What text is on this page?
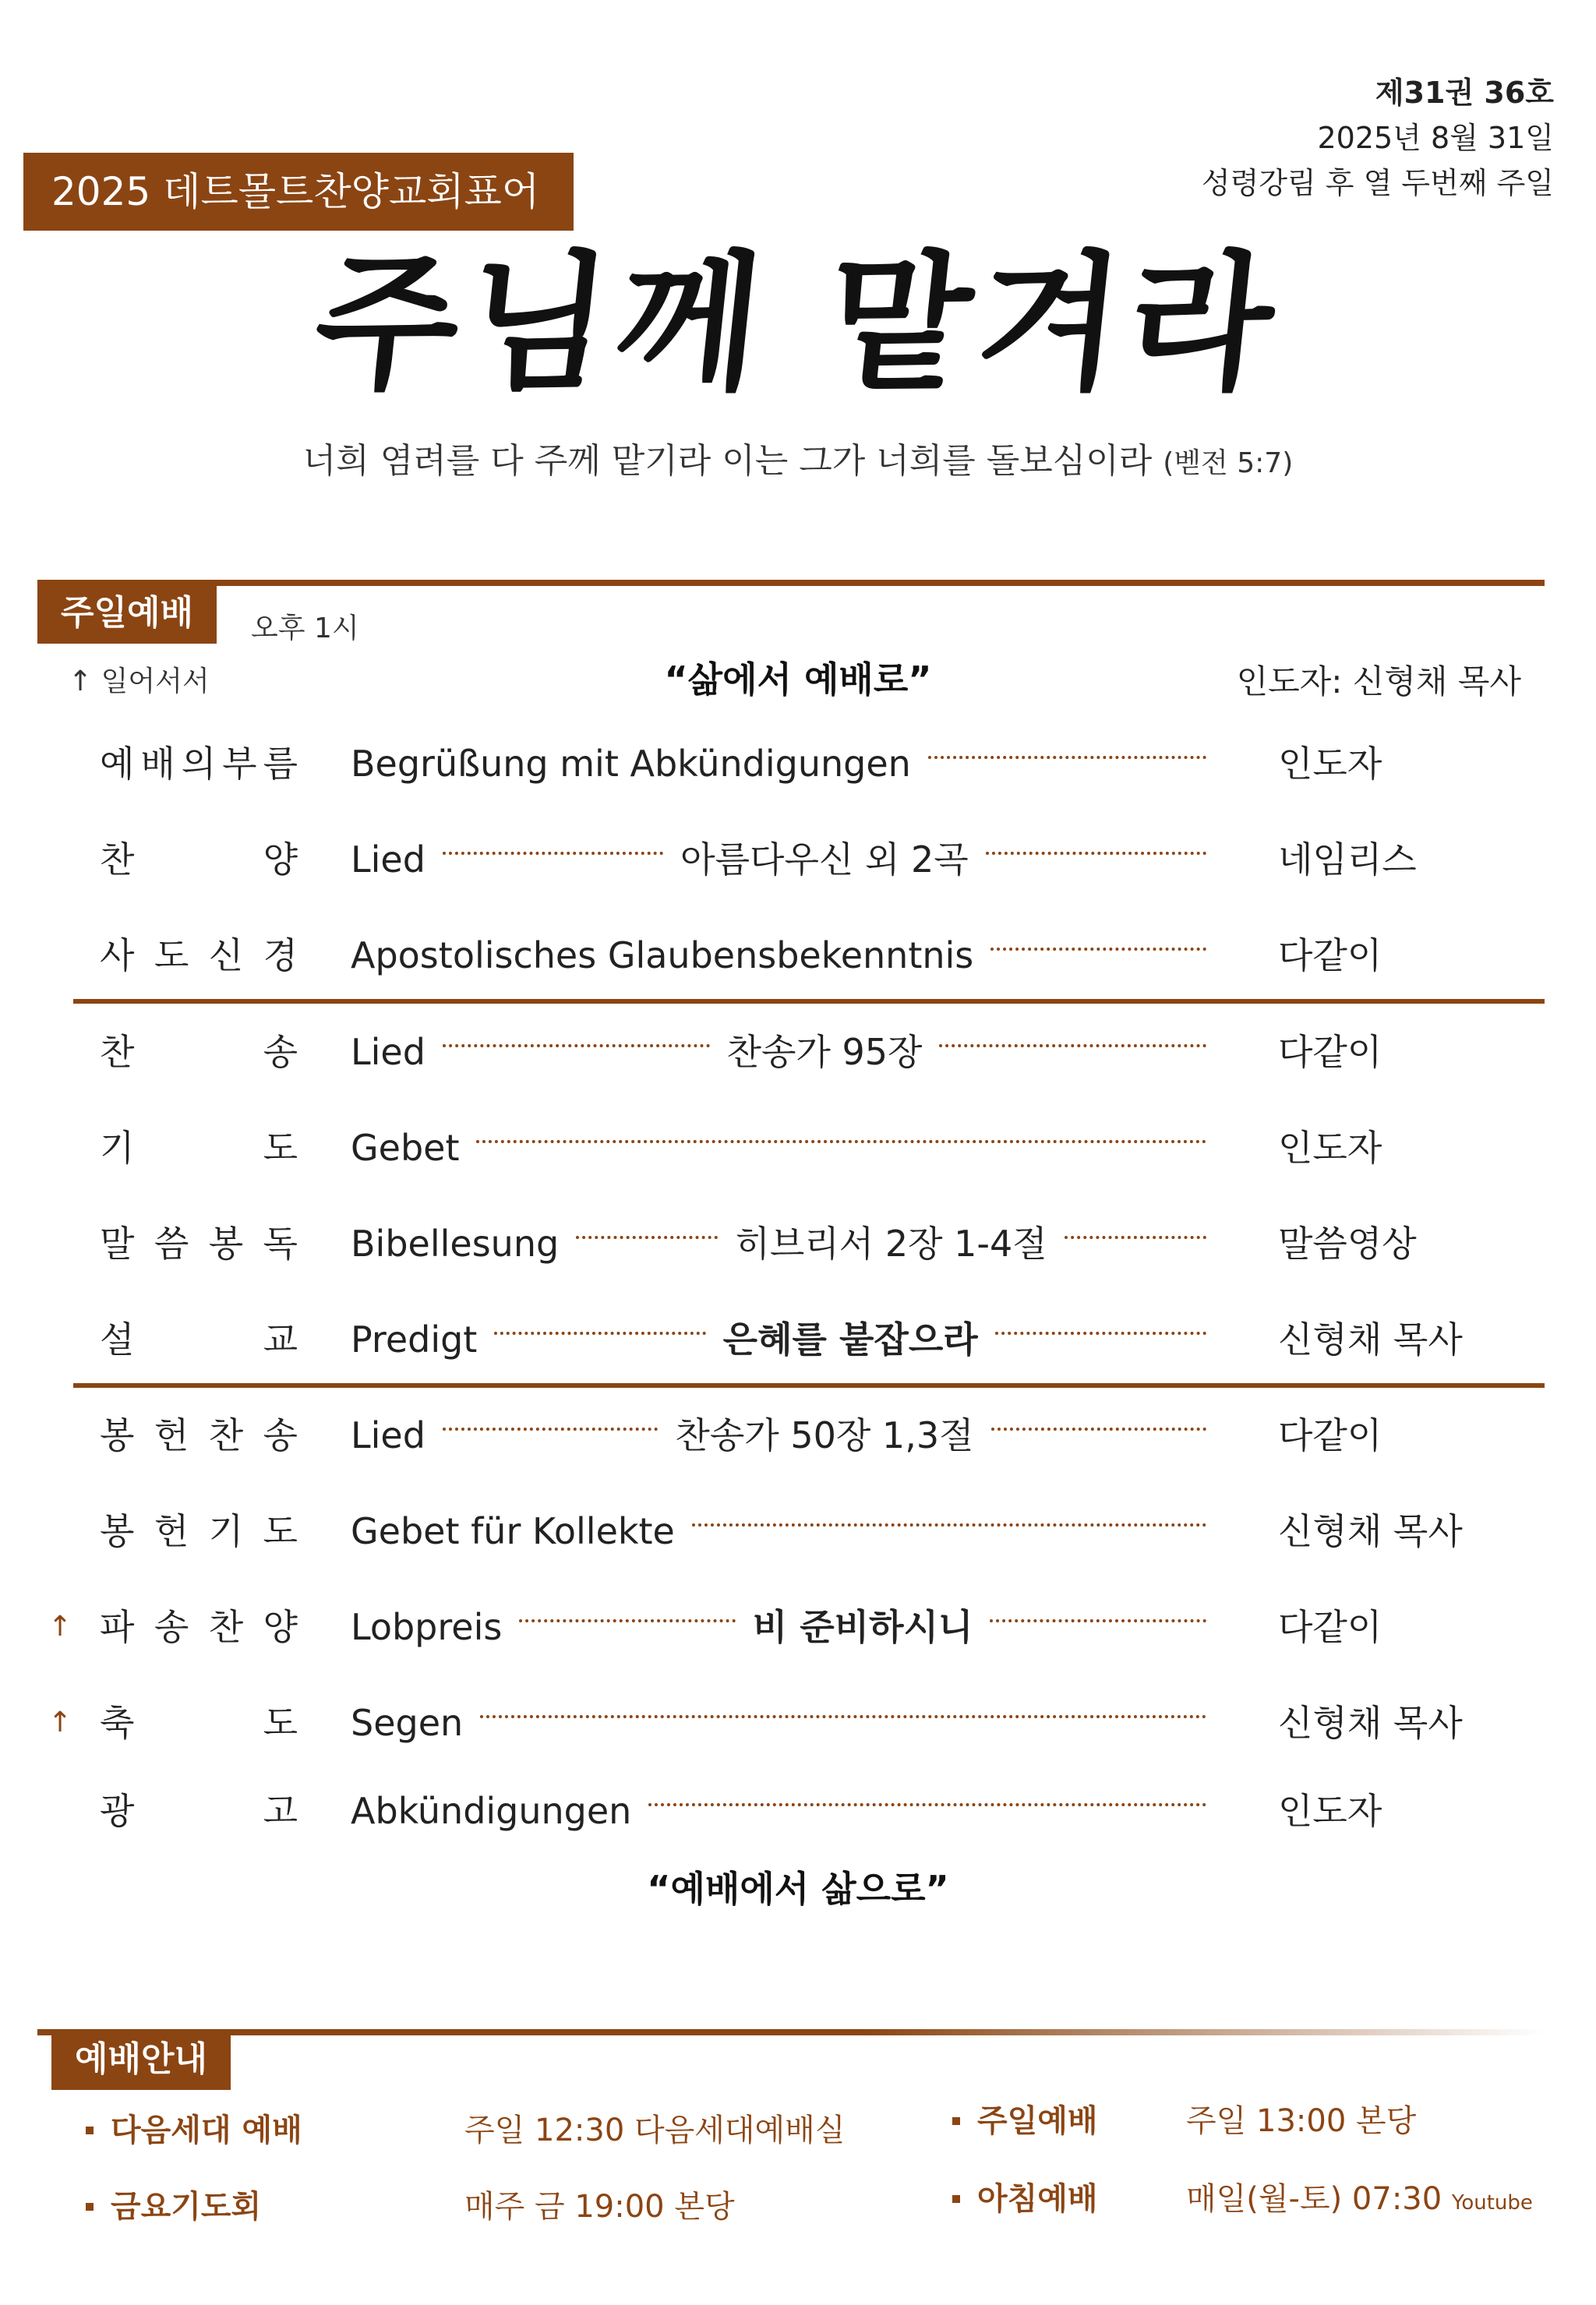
제31권 36호
2025년 8월 31일
성령강림 후 열 두번째 주일
2025 데트몰트찬양교회표어
주님께 맡겨라
너희 염려를 다 주께 맡기라 이는 그가 너희를 돌보심이라 (벧전 5:7)
주일예배	오후 1시
↑ 일어서서	“삶에서 예배로”	인도자: 신형채 목사
예 배 의 부 름 Begrüßung mit Abkündigungen	인도자
찬	양 Lied	아름다우신 외 2곡	네임리스
사 도 신 경 Apostolisches Glaubensbekenntnis	다같이
찬	송 Lied	찬송가 95장	다같이
기	도 Gebet	인도자
말 씀 봉 독 Bibellesung	히브리서 2장 1-4절	말씀영상
설	교 Predigt	은혜를 붙잡으라	신형채 목사
봉 헌 찬 송 Lied	찬송가 50장 1,3절	다같이
봉 헌 기 도 Gebet für Kollekte	신형채 목사
↑ 파 송 찬 양 Lobpreis	비 준비하시니	다같이
↑ 축	도 Segen	신형채 목사
광	고 Abkündigungen	인도자
“예배에서 삶으로”
예배안내
다음세대 예배	주일 12:30 다음세대예배실
금요기도회	매주 금 19:00 본당
주일예배	주일 13:00 본당
아침예배	매일(월-토) 07:30 Youtube
